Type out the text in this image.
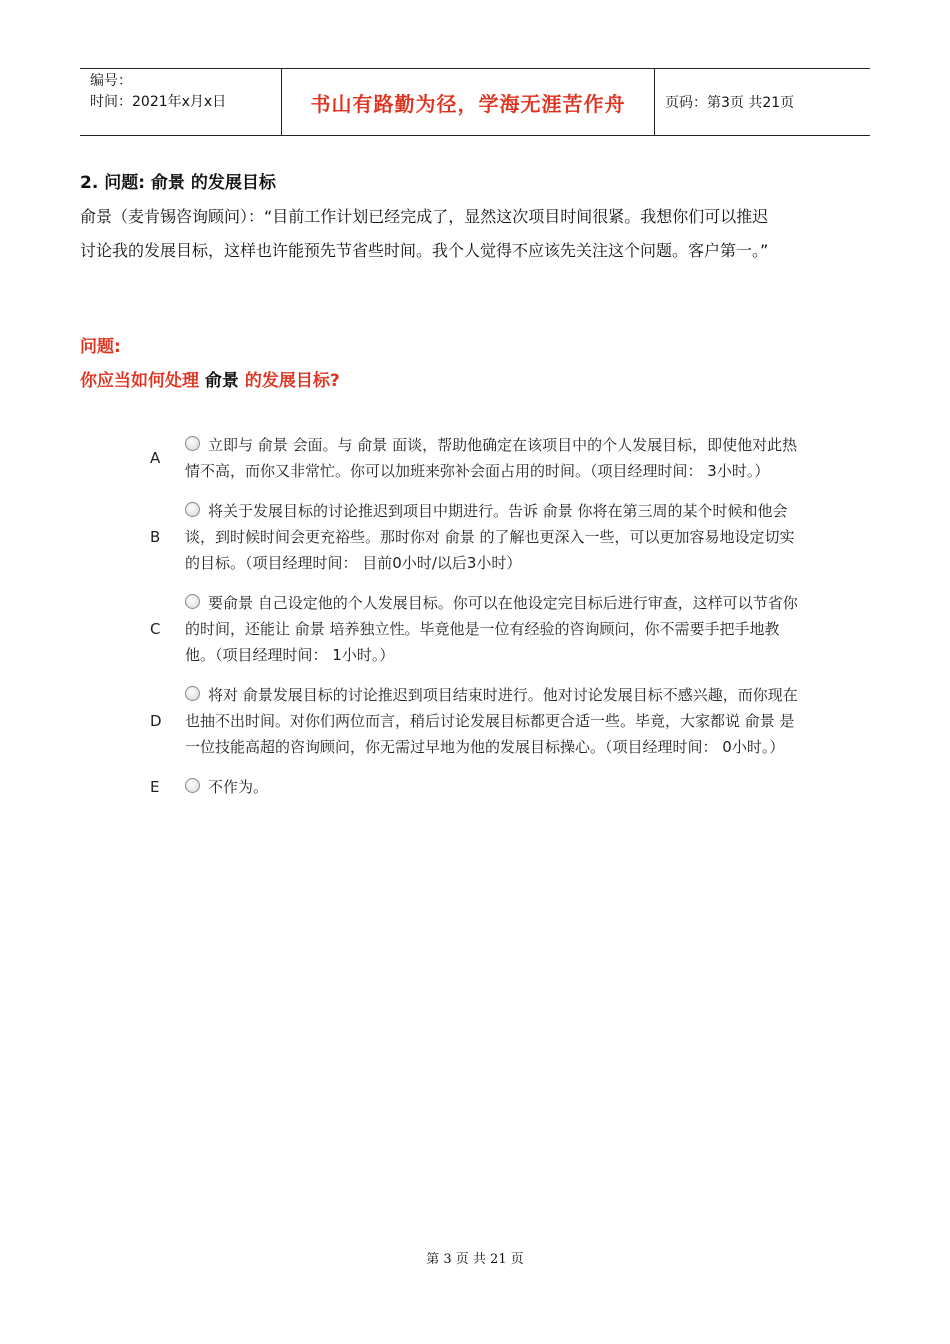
编号：
时间：2021年x月x日	书山有路勤为径，学海无涯苦作舟	页码：第3页 共21页
2. 问题: 俞景 的发展目标
俞景（麦肯锡咨询顾问）：“目前工作计划已经完成了，显然这次项目时间很紧。我想你们可以推迟讨论我的发展目标，这样也许能预先节省些时间。我个人觉得不应该先关注这个问题。客户第一。”
问题:
你应当如何处理 俞景 的发展目标?
A
立即与 俞景 会面。与 俞景 面谈，帮助他确定在该项目中的个人发展目标，即使他对此热情不高，而你又非常忙。你可以加班来弥补会面占用的时间。（项目经理时间： 3小时。）
B
将关于发展目标的讨论推迟到项目中期进行。告诉 俞景 你将在第三周的某个时候和他会谈，到时候时间会更充裕些。那时你对 俞景 的了解也更深入一些，可以更加容易地设定切实的目标。（项目经理时间： 目前0小时/以后3小时）
C
要俞景 自己设定他的个人发展目标。你可以在他设定完目标后进行审查，这样可以节省你的时间，还能让 俞景 培养独立性。毕竟他是一位有经验的咨询顾问，你不需要手把手地教他。（项目经理时间： 1小时。）
D
将对 俞景发展目标的讨论推迟到项目结束时进行。他对讨论发展目标不感兴趣，而你现在也抽不出时间。对你们两位而言，稍后讨论发展目标都更合适一些。毕竟，大家都说 俞景 是一位技能高超的咨询顾问，你无需过早地为他的发展目标操心。（项目经理时间： 0小时。）
E	不作为。
第 3 页 共 21 页
